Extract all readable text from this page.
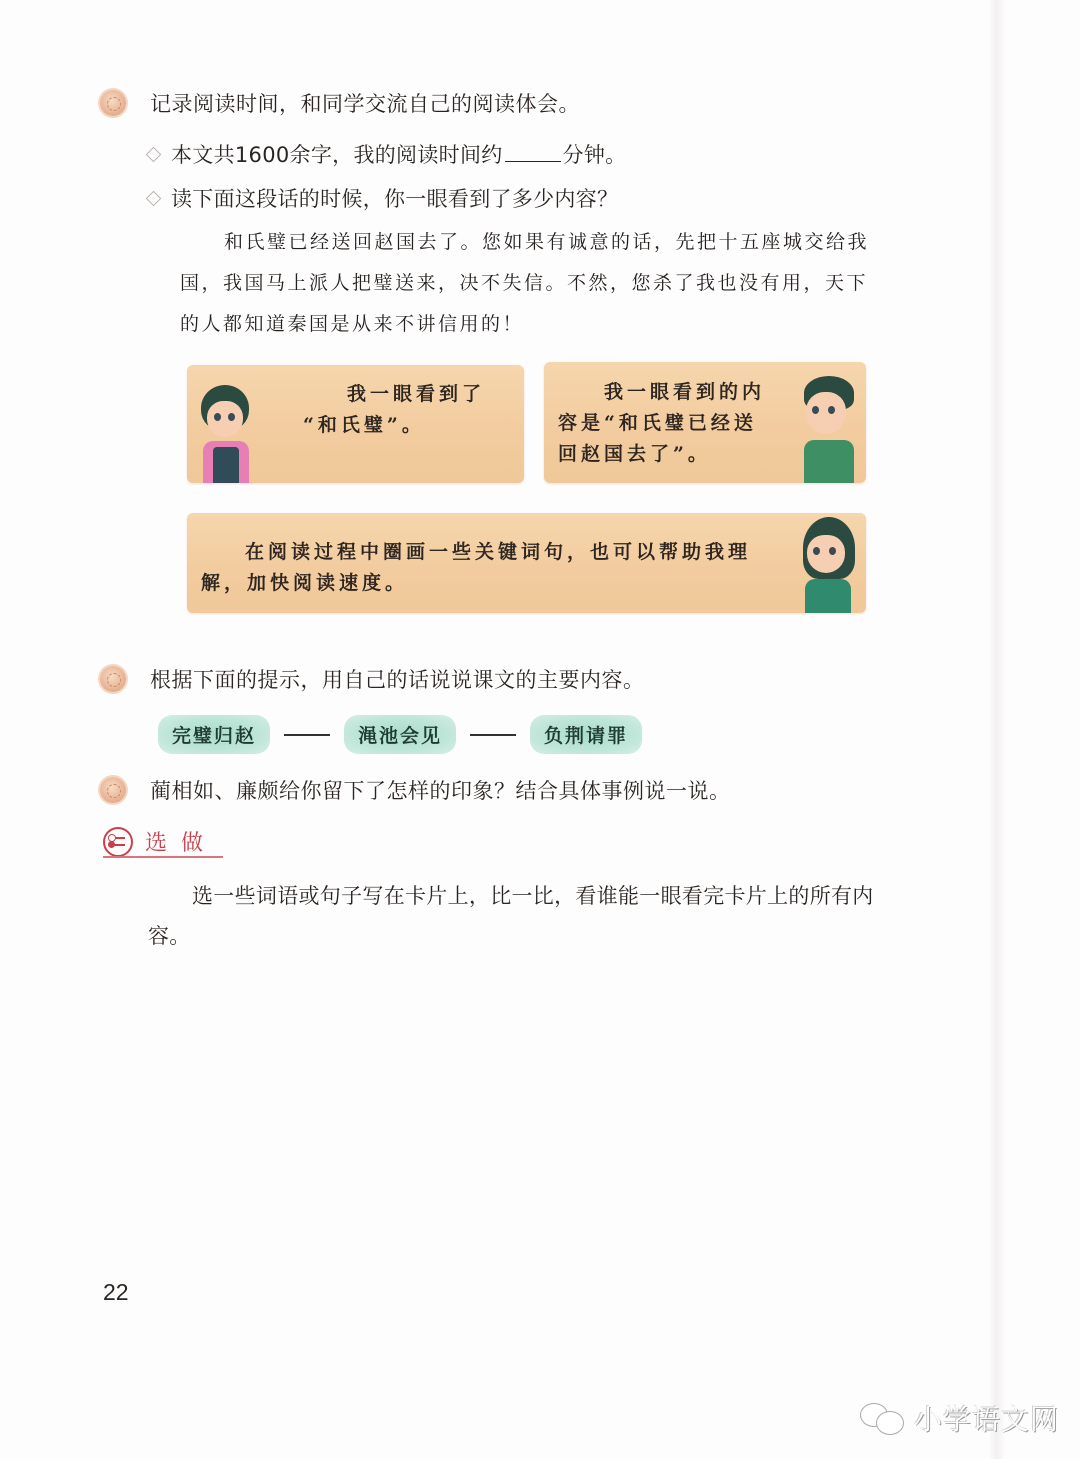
记录阅读时间，和同学交流自己的阅读体会。
本文共1600余字，我的阅读时间约	分钟。
读下面这段话的时候，你一眼看到了多少内容？
和氏璧已经送回赵国去了。您如果有诚意的话，先把十五座城交给我国，我国马上派人把璧送来，决不失信。不然，您杀了我也没有用，天下的人都知道秦国是从来不讲信用的！
我一眼看到了
“和氏璧”。
我一眼看到的内
容是“和氏璧已经送
回赵国去了”。
在阅读过程中圈画一些关键词句，也可以帮助我理
解，加快阅读速度。
根据下面的提示，用自己的话说说课文的主要内容。
完璧归赵	渑池会见	负荆请罪
蔺相如、廉颇给你留下了怎样的印象？结合具体事例说一说。
选做
选一些词语或句子写在卡片上，比一比，看谁能一眼看完卡片上的所有内容。
22
小学语文网
